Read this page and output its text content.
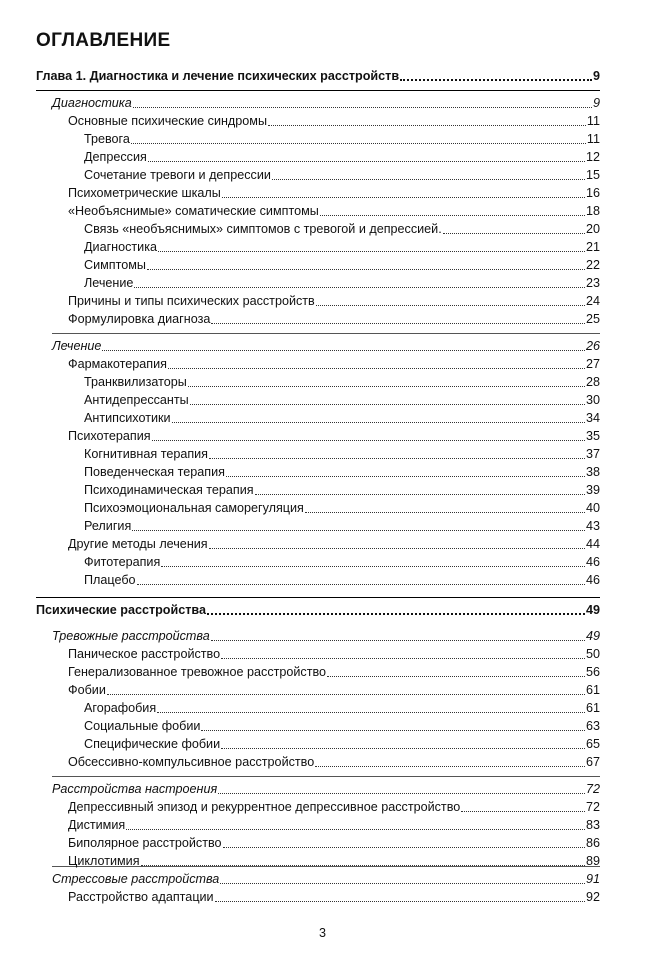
ОГЛАВЛЕНИЕ
Глава 1. Диагностика и лечение психических расстройств	9
Диагностика	9
Основные психические синдромы	11
Тревога	11
Депрессия	12
Сочетание тревоги и депрессии	15
Психометрические шкалы	16
«Необъяснимые» соматические симптомы	18
Связь «необъяснимых» симптомов с тревогой и депрессией.	20
Диагностика	21
Симптомы	22
Лечение	23
Причины и типы психических расстройств	24
Формулировка диагноза	25
Лечение	26
Фармакотерапия	27
Транквилизаторы	28
Антидепрессанты	30
Антипсихотики	34
Психотерапия	35
Когнитивная терапия	37
Поведенческая терапия	38
Психодинамическая терапия	39
Психоэмоциональная саморегуляция	40
Религия	43
Другие методы лечения	44
Фитотерапия	46
Плацебо	46
Психические расстройства	49
Тревожные расстройства	49
Паническое расстройство	50
Генерализованное тревожное расстройство	56
Фобии	61
Агорафобия	61
Социальные фобии	63
Специфические фобии	65
Обсессивно-компульсивное расстройство	67
Расстройства настроения	72
Депрессивный эпизод и рекуррентное депрессивное расстройство	72
Дистимия	83
Биполярное расстройство	86
Циклотимия	89
Стрессовые расстройства	91
Расстройство адаптации	92
3
